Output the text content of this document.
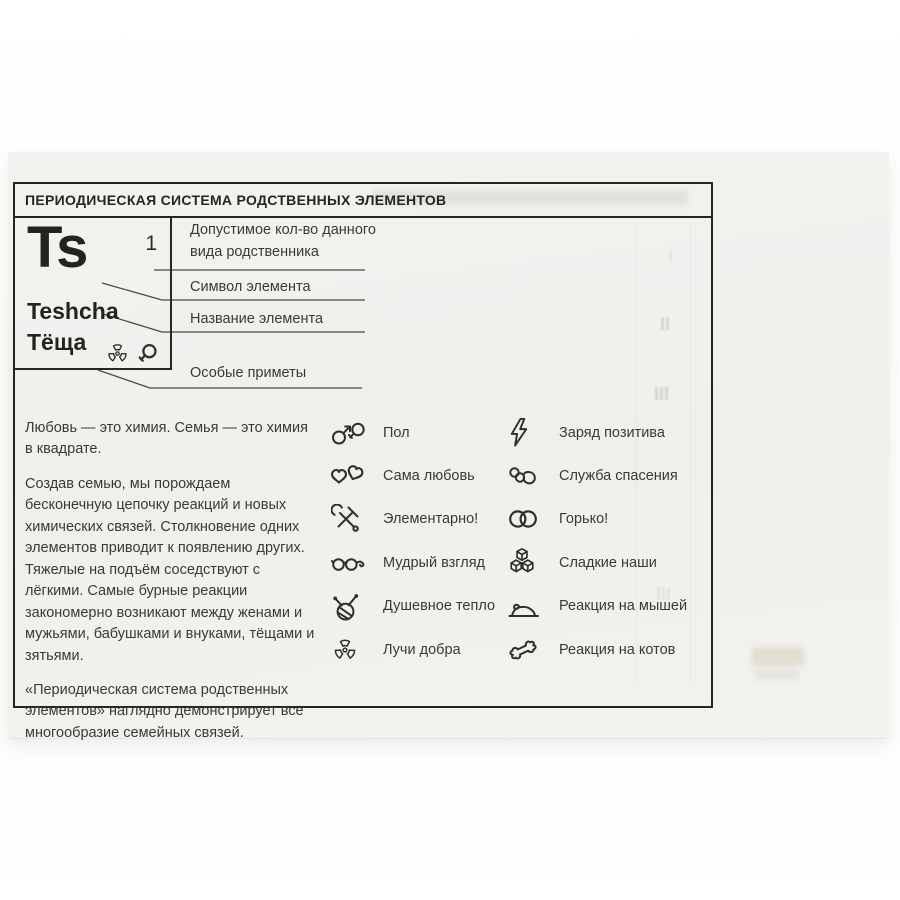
I
II
III
III
ПЕРИОДИЧЕСКАЯ СИСТЕМА РОДСТВЕННЫХ ЭЛЕМЕНТОВ
Ts	1
Teshcha
Тёща
Допустимое кол-во данного вида родственника
Символ элемента
Название элемента
Особые приметы

Любовь — это химия. Семья — это химия в квадрате.

Создав семью, мы порождаем бесконечную цепочку реакций и новых химических связей. Столкновение одних элементов приводит к появлению других. Тяжелые на подъём соседствуют с лёгкими. Самые бурные реакции закономерно возникают между женами и мужьями, бабушками и внуками, тёщами и зятьями.

«Периодическая система родственных элементов» наглядно демонстрирует все многообразие семейных связей.

Пол	Заряд позитива
Сама любовь	Служба спасения
Элементарно!	Горько!
Мудрый взгляд	Сладкие наши
Душевное тепло	Реакция на мышей
Лучи добра	Реакция на котов
